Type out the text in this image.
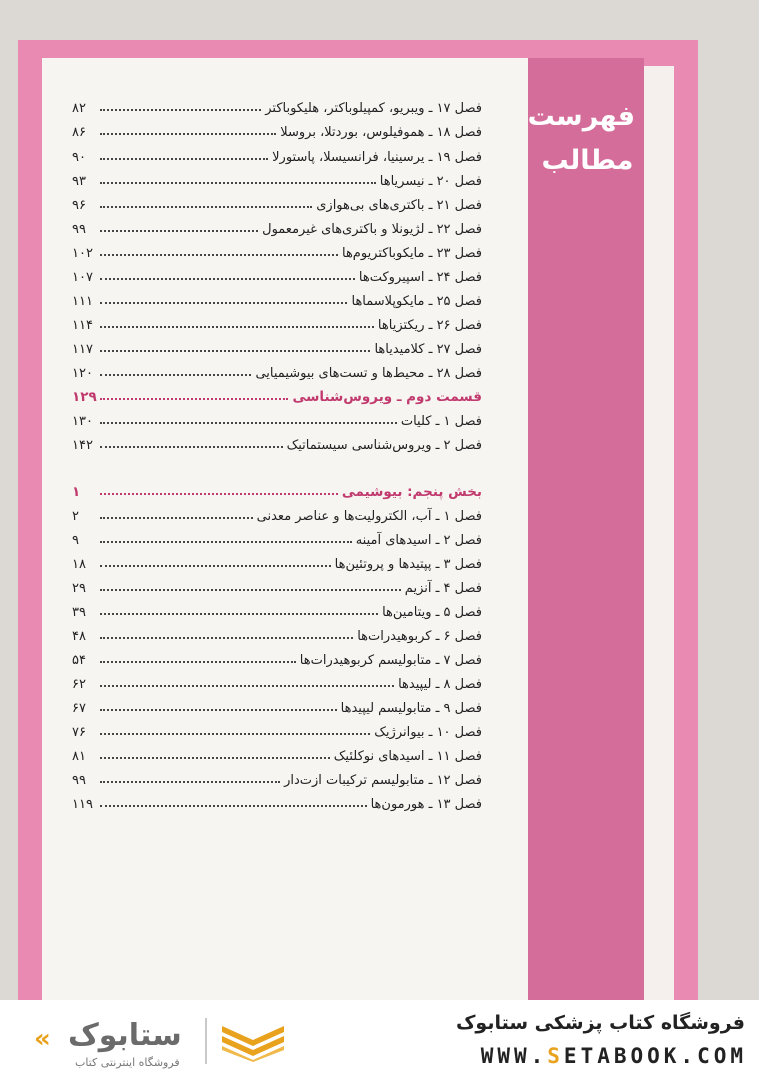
فهرست
مطالب
فصل ۱۷ ـ ویبریو، کمپیلوباکتر، هلیکوباکتر
۸۲
فصل ۱۸ ـ هموفیلوس، بوردتلا، بروسلا
۸۶
فصل ۱۹ ـ یرسینیا، فرانسیسلا، پاستورلا
۹۰
فصل ۲۰ ـ نیسریاها
۹۳
فصل ۲۱ ـ باکتری‌های بی‌هوازی
۹۶
فصل ۲۲ ـ لژیونلا و باکتری‌های غیرمعمول
۹۹
فصل ۲۳ ـ مایکوباکتریوم‌ها
۱۰۲
فصل ۲۴ ـ اسپیروکت‌ها
۱۰۷
فصل ۲۵ ـ مایکوپلاسماها
۱۱۱
فصل ۲۶ ـ ریکتزیاها
۱۱۴
فصل ۲۷ ـ کلامیدیاها
۱۱۷
فصل ۲۸ ـ محیط‌ها و تست‌های بیوشیمیایی
۱۲۰
قسمت دوم ـ ویروس‌شناسی
۱۲۹
فصل ۱ ـ کلیات
۱۳۰
فصل ۲ ـ ویروس‌شناسی سیستماتیک
۱۴۲
بخش پنجم: بیوشیمی
۱
فصل ۱ ـ آب، الکترولیت‌ها و عناصر معدنی
۲
فصل ۲ ـ اسیدهای آمینه
۹
فصل ۳ ـ پپتیدها و پروتئین‌ها
۱۸
فصل ۴ ـ آنزیم
۲۹
فصل ۵ ـ ویتامین‌ها
۳۹
فصل ۶ ـ کربوهیدرات‌ها
۴۸
فصل ۷ ـ متابولیسم کربوهیدرات‌ها
۵۴
فصل ۸ ـ لیپیدها
۶۲
فصل ۹ ـ متابولیسم لیپیدها
۶۷
فصل ۱۰ ـ بیوانرژیک
۷۶
فصل ۱۱ ـ اسیدهای نوکلئیک
۸۱
فصل ۱۲ ـ متابولیسم ترکیبات ازت‌دار
۹۹
فصل ۱۳ ـ هورمون‌ها
۱۱۹
فروشگاه کتاب پزشکی ستابوک
WWW.SETABOOK.COM
« ستابوک
فروشگاه اینترنتی کتاب
